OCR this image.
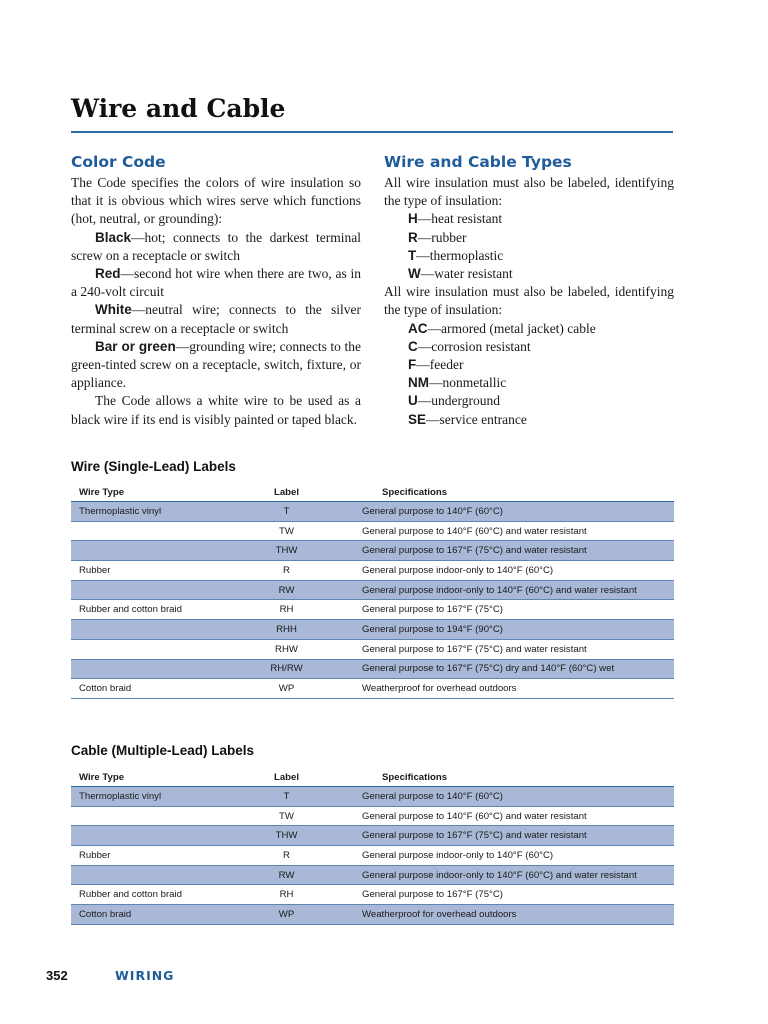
Wire and Cable
Color Code

The Code specifies the colors of wire insulation so that it is obvious which wires serve which functions (hot, neutral, or grounding):
Black—hot; connects to the darkest terminal screw on a receptacle or switch
Red—second hot wire when there are two, as in a 240-volt circuit
White—neutral wire; connects to the silver terminal screw on a receptacle or switch
Bar or green—grounding wire; connects to the green-tinted screw on a receptacle, switch, fixture, or appliance.
The Code allows a white wire to be used as a black wire if its end is visibly painted or taped black.

Wire and Cable Types
All wire insulation must also be labeled, identifying the type of insulation:
H—heat resistant
R—rubber
T—thermoplastic
W—water resistant
All wire insulation must also be labeled, identifying the type of insulation:
AC—armored (metal jacket) cable
C—corrosion resistant
F—feeder
NM—nonmetallic
U—underground
SE—service entrance
Wire (Single-Lead) Labels
Wire Type	Label	Specifications
Thermoplastic vinyl	T	General purpose to 140°F (60°C)
	TW	General purpose to 140°F (60°C) and water resistant
	THW	General purpose to 167°F (75°C) and water resistant
Rubber	R	General purpose indoor-only to 140°F (60°C)
	RW	General purpose indoor-only to 140°F (60°C) and water resistant
Rubber and cotton braid	RH	General purpose to 167°F (75°C)
	RHH	General purpose to 194°F (90°C)
	RHW	General purpose to 167°F (75°C) and water resistant
	RH/RW	General purpose to 167°F (75°C) dry and 140°F (60°C) wet
Cotton braid	WP	Weatherproof for overhead outdoors
Cable (Multiple-Lead) Labels
Wire Type	Label	Specifications
Thermoplastic vinyl	T	General purpose to 140°F (60°C)
	TW	General purpose to 140°F (60°C) and water resistant
	THW	General purpose to 167°F (75°C) and water resistant
Rubber	R	General purpose indoor-only to 140°F (60°C)
	RW	General purpose indoor-only to 140°F (60°C) and water resistant
Rubber and cotton braid	RH	General purpose to 167°F (75°C)
Cotton braid	WP	Weatherproof for overhead outdoors
352	WIRING
